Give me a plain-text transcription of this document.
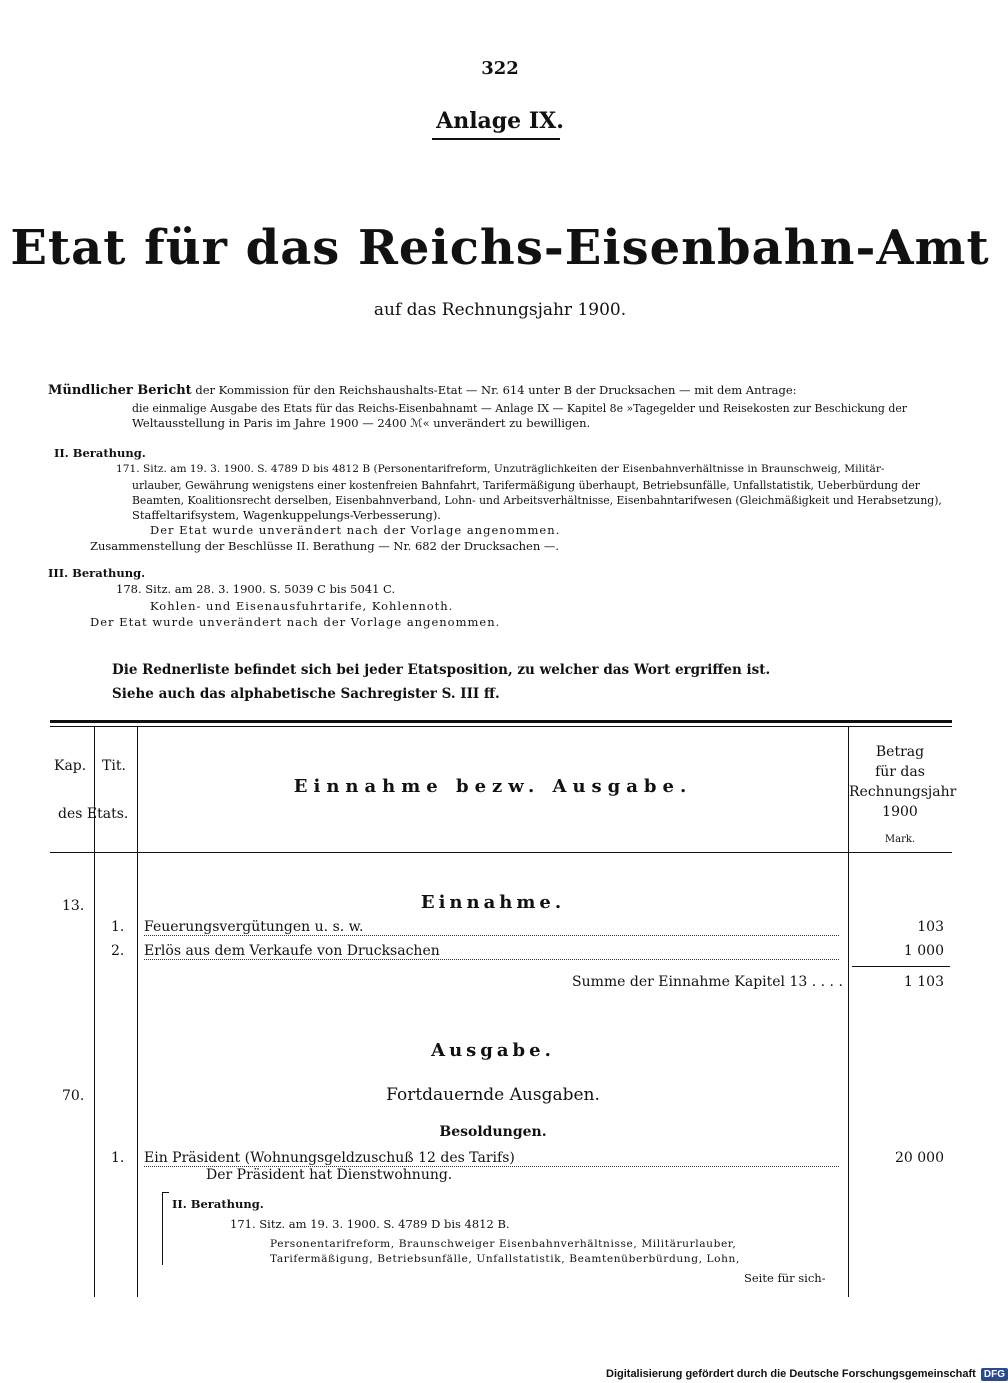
322
Anlage IX.
Etat für das Reichs-Eisenbahn-Amt
auf das Rechnungsjahr 1900.
Mündlicher Bericht der Kommission für den Reichshaushalts-Etat — Nr. 614 unter B der Drucksachen — mit dem Antrage:
die einmalige Ausgabe des Etats für das Reichs-Eisenbahnamt — Anlage IX — Kapitel 8e »Tagegelder und Reisekosten zur Beschickung der
Weltausstellung in Paris im Jahre 1900 — 2400 ℳ« unverändert zu bewilligen.
II. Berathung.
171. Sitz. am 19. 3. 1900. S. 4789 D bis 4812 B (Personentarifreform, Unzuträglichkeiten der Eisenbahnverhältnisse in Braunschweig, Militär-
urlauber, Gewährung wenigstens einer kostenfreien Bahnfahrt, Tarifermäßigung überhaupt, Betriebsunfälle, Unfallstatistik, Ueberbürdung der
Beamten, Koalitionsrecht derselben, Eisenbahnverband, Lohn- und Arbeitsverhältnisse, Eisenbahntarifwesen (Gleichmäßigkeit und Herabsetzung),
Staffeltarifsystem, Wagenkuppelungs-Verbesserung).
Der Etat wurde unverändert nach der Vorlage angenommen.
Zusammenstellung der Beschlüsse II. Berathung — Nr. 682 der Drucksachen —.
III. Berathung.
178. Sitz. am 28. 3. 1900. S. 5039 C bis 5041 C.
Kohlen- und Eisenausfuhrtarife, Kohlennoth.
Der Etat wurde unverändert nach der Vorlage angenommen.
Die Rednerliste befindet sich bei jeder Etatsposition, zu welcher das Wort ergriffen ist.
Siehe auch das alphabetische Sachregister S. III ff.
Kap. Tit.
des Etats.
Einnahme bezw. Ausgabe.
Betrag
für das
Rechnungsjahr
1900
Mark.
Einnahme.
13.
1. Feuerungsvergütungen u. s. w.	103
2. Erlös aus dem Verkaufe von Drucksachen	1 000
Summe der Einnahme Kapitel 13 . . . .	1 103
Ausgabe.
70.	Fortdauernde Ausgaben.
Besoldungen.
1. Ein Präsident (Wohnungsgeldzuschuß 12 des Tarifs)	20 000
Der Präsident hat Dienstwohnung.
II. Berathung.
171. Sitz. am 19. 3. 1900. S. 4789 D bis 4812 B.
Personentarifreform, Braunschweiger Eisenbahnverhältnisse, Militärurlauber,
Tarifermäßigung, Betriebsunfälle, Unfallstatistik, Beamtenüberbürdung, Lohn,
Seite für sich-
Digitalisierung gefördert durch die Deutsche Forschungsgemeinschaft DFG
